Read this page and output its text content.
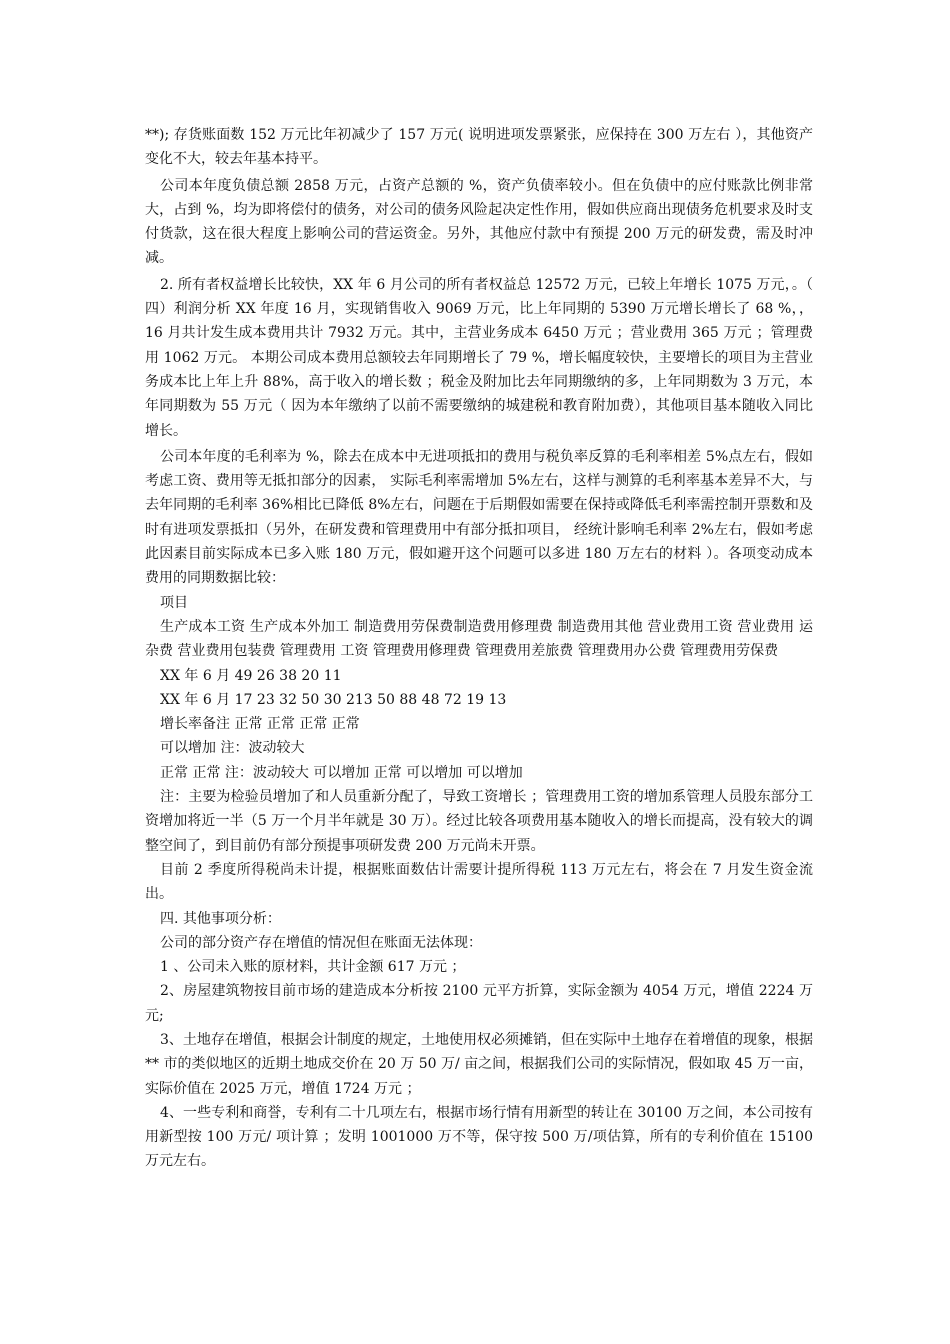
**); 存货账面数 152 万元比年初减少了 157 万元( 说明进项发票紧张，应保持在 300 万左右 ），其他资产变化不大，较去年基本持平。

公司本年度负债总额 2858 万元，占资产总额的 %，资产负债率较小。但在负债中的应付账款比例非常大，占到 %，均为即将偿付的债务，对公司的债务风险起决定性作用，假如供应商出现债务危机要求及时支付货款，这在很大程度上影响公司的营运资金。另外，其他应付款中有预提 200 万元的研发费，需及时冲减。

2. 所有者权益增长比较快，XX 年 6 月公司的所有者权益总 12572 万元，已较上年增长 1075 万元，。（ 四）利润分析 XX 年度 16 月，实现销售收入 9069 万元，比上年同期的 5390 万元增长增长了 68 %，，16 月共计发生成本费用共计 7932 万元。其中，主营业务成本 6450 万元 ；营业费用 365 万元 ；管理费用 1062 万元。 本期公司成本费用总额较去年同期增长了 79 %，增长幅度较快，主要增长的项目为主营业务成本比上年上升 88%，高于收入的增长数 ；税金及附加比去年同期缴纳的多，上年同期数为 3 万元，本年同期数为 55 万元（ 因为本年缴纳了以前不需要缴纳的城建税和教育附加费），其他项目基本随收入同比增长。

公司本年度的毛利率为 %，除去在成本中无进项抵扣的费用与税负率反算的毛利率相差 5%点左右，假如考虑工资、费用等无抵扣部分的因素， 实际毛利率需增加 5%左右，这样与测算的毛利率基本差异不大，与去年同期的毛利率 36%相比已降低 8%左右，问题在于后期假如需要在保持或降低毛利率需控制开票数和及时有进项发票抵扣（另外，在研发费和管理费用中有部分抵扣项目， 经统计影响毛利率 2%左右，假如考虑此因素目前实际成本已多入账 180 万元，假如避开这个问题可以多进 180 万左右的材料 ）。各项变动成本费用的同期数据比较：

项目

生产成本工资 生产成本外加工 制造费用劳保费制造费用修理费 制造费用其他 营业费用工资 营业费用 运杂费 营业费用包装费 管理费用 工资 管理费用修理费 管理费用差旅费 管理费用办公费 管理费用劳保费

XX 年 6 月 49 26 38 20 11

XX 年 6 月 17 23 32 50 30 213 50 88 48 72 19 13

增长率备注 正常 正常 正常 正常

可以增加 注：波动较大

正常 正常 注：波动较大 可以增加 正常 可以增加 可以增加

注：主要为检验员增加了和人员重新分配了，导致工资增长 ；管理费用工资的增加系管理人员股东部分工资增加将近一半（5 万一个月半年就是 30 万）。经过比较各项费用基本随收入的增长而提高，没有较大的调整空间了，到目前仍有部分预提事项研发费 200 万元尚未开票。

目前 2 季度所得税尚未计提，根据账面数估计需要计提所得税 113 万元左右，将会在 7 月发生资金流出。

四. 其他事项分析：

公司的部分资产存在增值的情况但在账面无法体现：

1 、公司未入账的原材料，共计金额 617 万元 ；

2、房屋建筑物按目前市场的建造成本分析按 2100 元平方折算，实际金额为 4054 万元，增值 2224 万元;

3、土地存在增值，根据会计制度的规定，土地使用权必须摊销，但在实际中土地存在着增值的现象，根据 ** 市的类似地区的近期土地成交价在 20 万 50 万/ 亩之间，根据我们公司的实际情况，假如取 45 万一亩，实际价值在 2025 万元，增值 1724 万元 ；

4、一些专利和商誉，专利有二十几项左右，根据市场行情有用新型的转让在 30100 万之间，本公司按有用新型按 100 万元/ 项计算 ；发明 1001000 万不等，保守按 500 万/项估算，所有的专利价值在 15100 万元左右。
